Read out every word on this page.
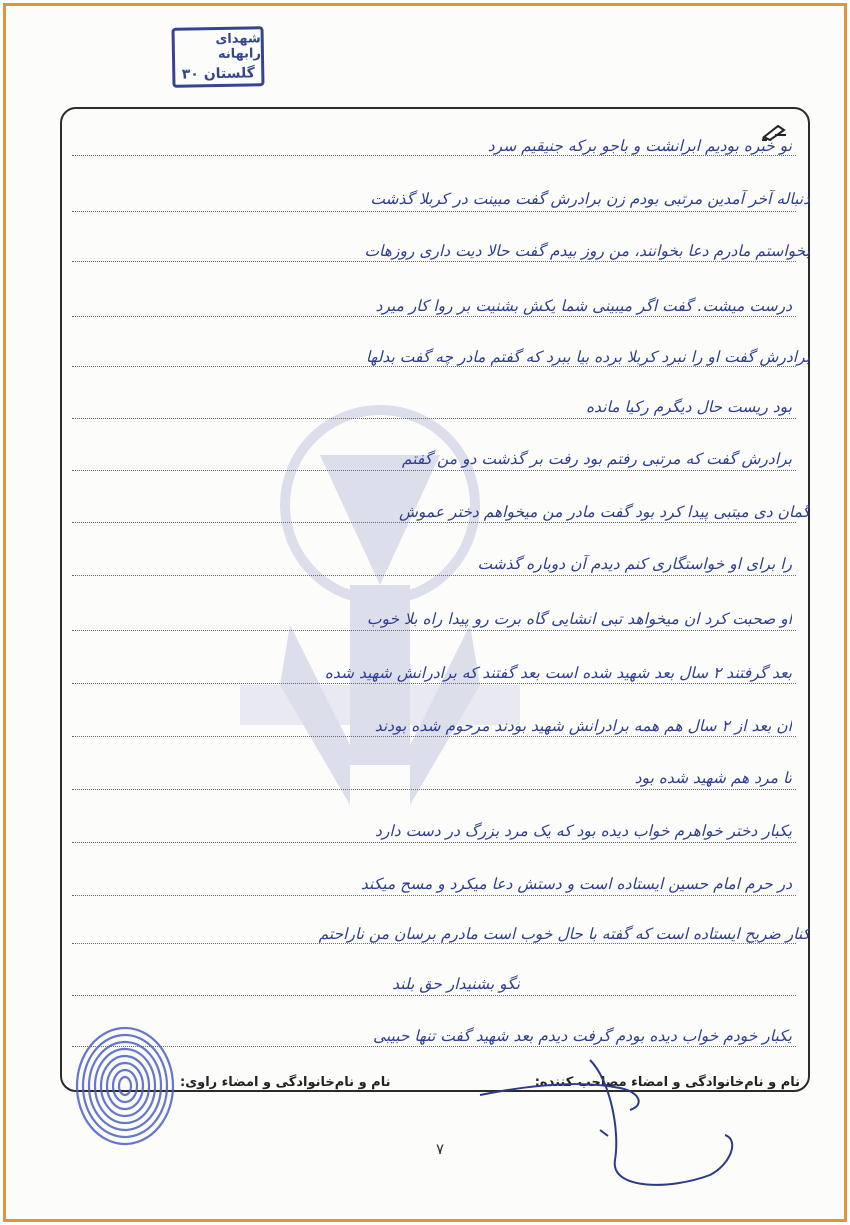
شهدای رابهانه
گلستان ۳۰
نو خبره بودیم ابرانشت و باجو برکه جنیقیم سرد
دنباله آخر آمدین مرتبی بودم زن برادرش گفت مبینت در کربلا گذشت
بخواستم مادرم دعا بخوانند، من روز بیدم گفت حالا دیت داری روزهات
درست میشت. گفت اگر میبینی شما یکش بشنیت بر روا کار میرد
برادرش گفت او را نبرد کربلا برده بیا ببرد که گفتم مادر چه گفت بدلها
بود ریست حال دیگرم رکیا مانده
برادرش گفت که مرتبی رفتم بود رفت بر گذشت دو من گفتم
گمان دی میتبی پیدا کرد بود گفت مادر من میخواهم دختر عموش
را برای او خواستگاری کنم دیدم آن دوباره گذشت
او صحبت کرد ان میخواهد تبی انشایی گاه برت رو پیدا راه بلا خوب
بعد گرفتند ۲ سال بعد شهید شده است بعد گفتند که برادرانش شهید شده
ان بعد از ۲ سال هم همه برادرانش شهید بودند مرحوم شده بودند
تا مرد هم شهید شده بود
یکبار دختر خواهرم خواب دیده بود که یک مرد بزرگ در دست دارد
در حرم امام حسین ایستاده است و دستش دعا میکرد و مسح میکند
کنار ضریح ایستاده است که گفته با حال خوب است مادرم برسان من ناراحتم
نگو بشنیدار حق بلند
یکبار خودم خواب دیده بودم گرفت دیدم بعد شهید گفت تنها حبیبی
نام و نام‌خانوادگی و امضاء مصاحب کننده:
نام و نام‌خانوادگی و امضاء راوی:
۷
